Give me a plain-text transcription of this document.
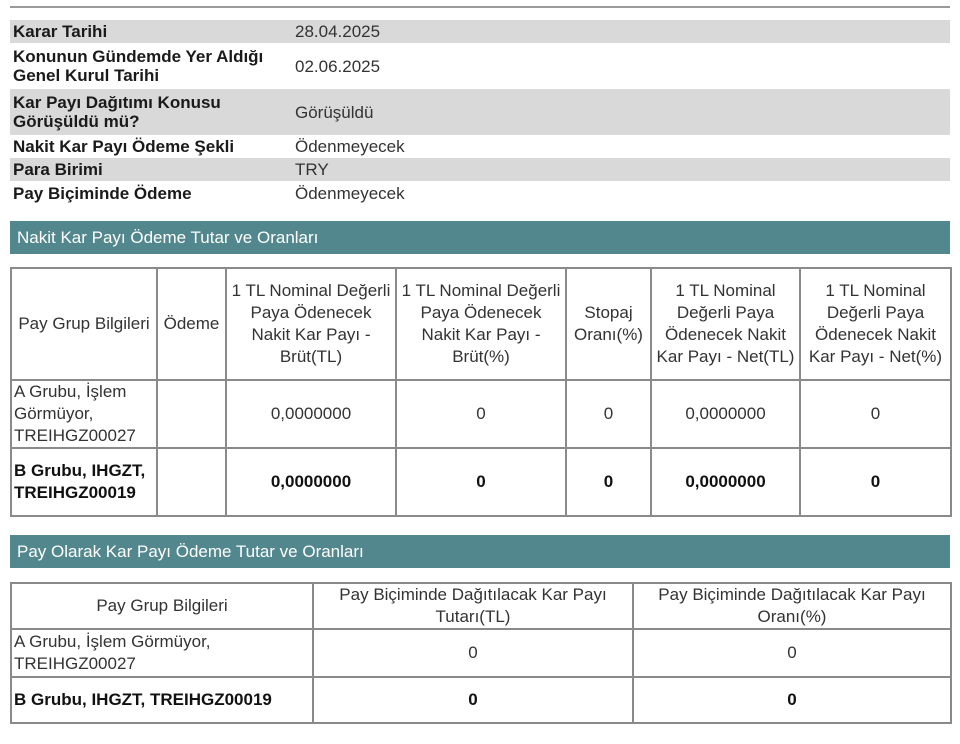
Karar Tarihi	28.04.2025
Konunun Gündemde Yer Aldığı Genel Kurul Tarihi	02.06.2025
Kar Payı Dağıtımı Konusu Görüşüldü mü?	Görüşüldü
Nakit Kar Payı Ödeme Şekli	Ödenmeyecek
Para Birimi	TRY
Pay Biçiminde Ödeme	Ödenmeyecek
Nakit Kar Payı Ödeme Tutar ve Oranları
Pay Grup Bilgileri	Ödeme	1 TL Nominal Değerli Paya Ödenecek Nakit Kar Payı - Brüt(TL)	1 TL Nominal Değerli Paya Ödenecek Nakit Kar Payı - Brüt(%)	Stopaj Oranı(%)	1 TL Nominal Değerli Paya Ödenecek Nakit Kar Payı - Net(TL)	1 TL Nominal Değerli Paya Ödenecek Nakit Kar Payı - Net(%)
A Grubu, İşlem Görmüyor, TREIHGZ00027		0,0000000	0	0	0,0000000	0
B Grubu, IHGZT, TREIHGZ00019		0,0000000	0	0	0,0000000	0
Pay Olarak Kar Payı Ödeme Tutar ve Oranları
Pay Grup Bilgileri	Pay Biçiminde Dağıtılacak Kar Payı Tutarı(TL)	Pay Biçiminde Dağıtılacak Kar Payı Oranı(%)
A Grubu, İşlem Görmüyor, TREIHGZ00027	0	0
B Grubu, IHGZT, TREIHGZ00019	0	0
